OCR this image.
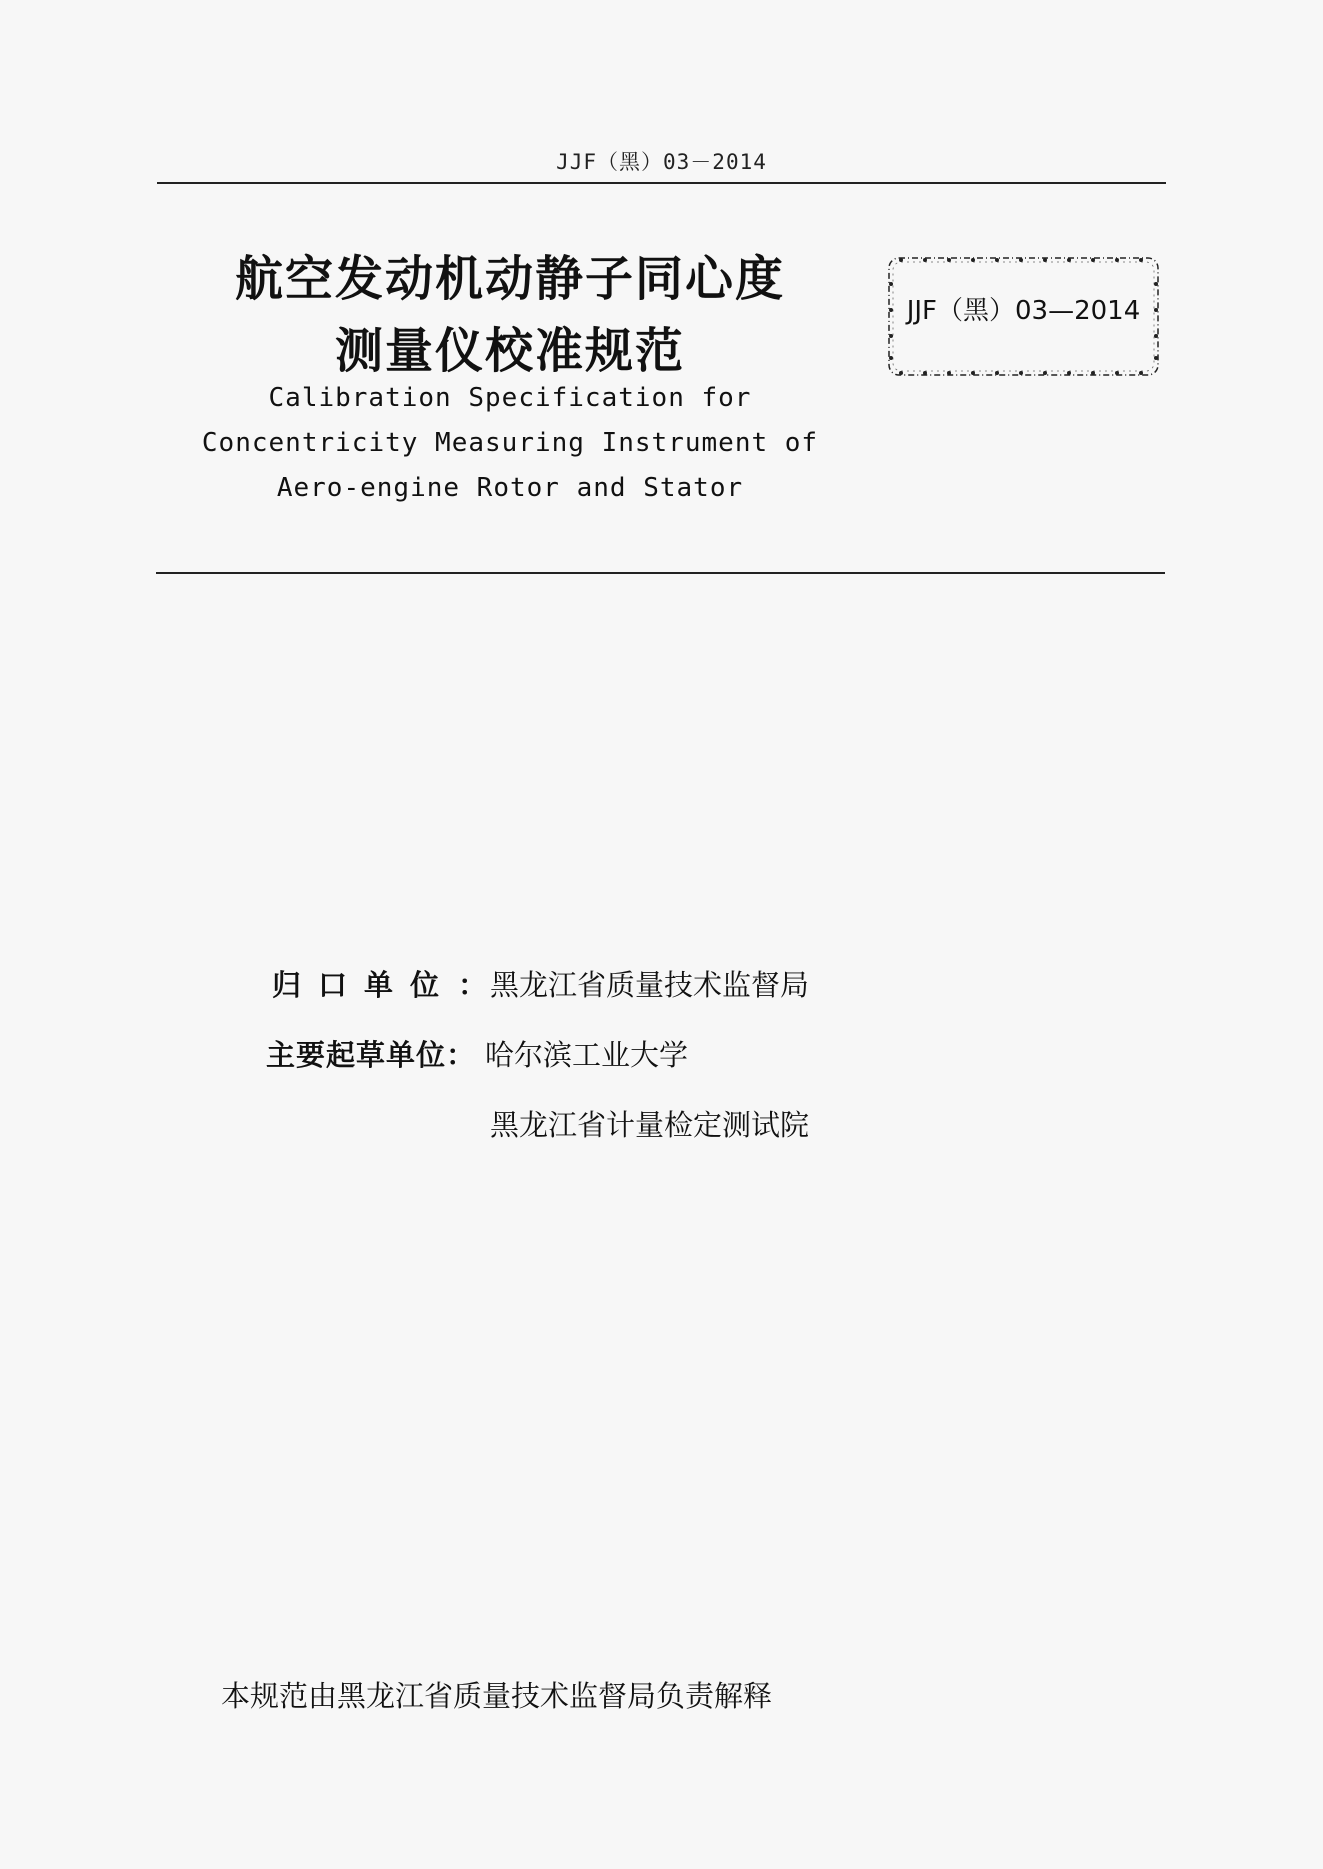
JJF（黑）03－2014
航空发动机动静子同心度
测量仪校准规范
Calibration Specification for
Concentricity Measuring Instrument of
Aero-engine Rotor and Stator
JJF（黑）03—2014
归口单位 ： 黑龙江省质量技术监督局
主要起草单位： 哈尔滨工业大学
黑龙江省计量检定测试院
本规范由黑龙江省质量技术监督局负责解释
